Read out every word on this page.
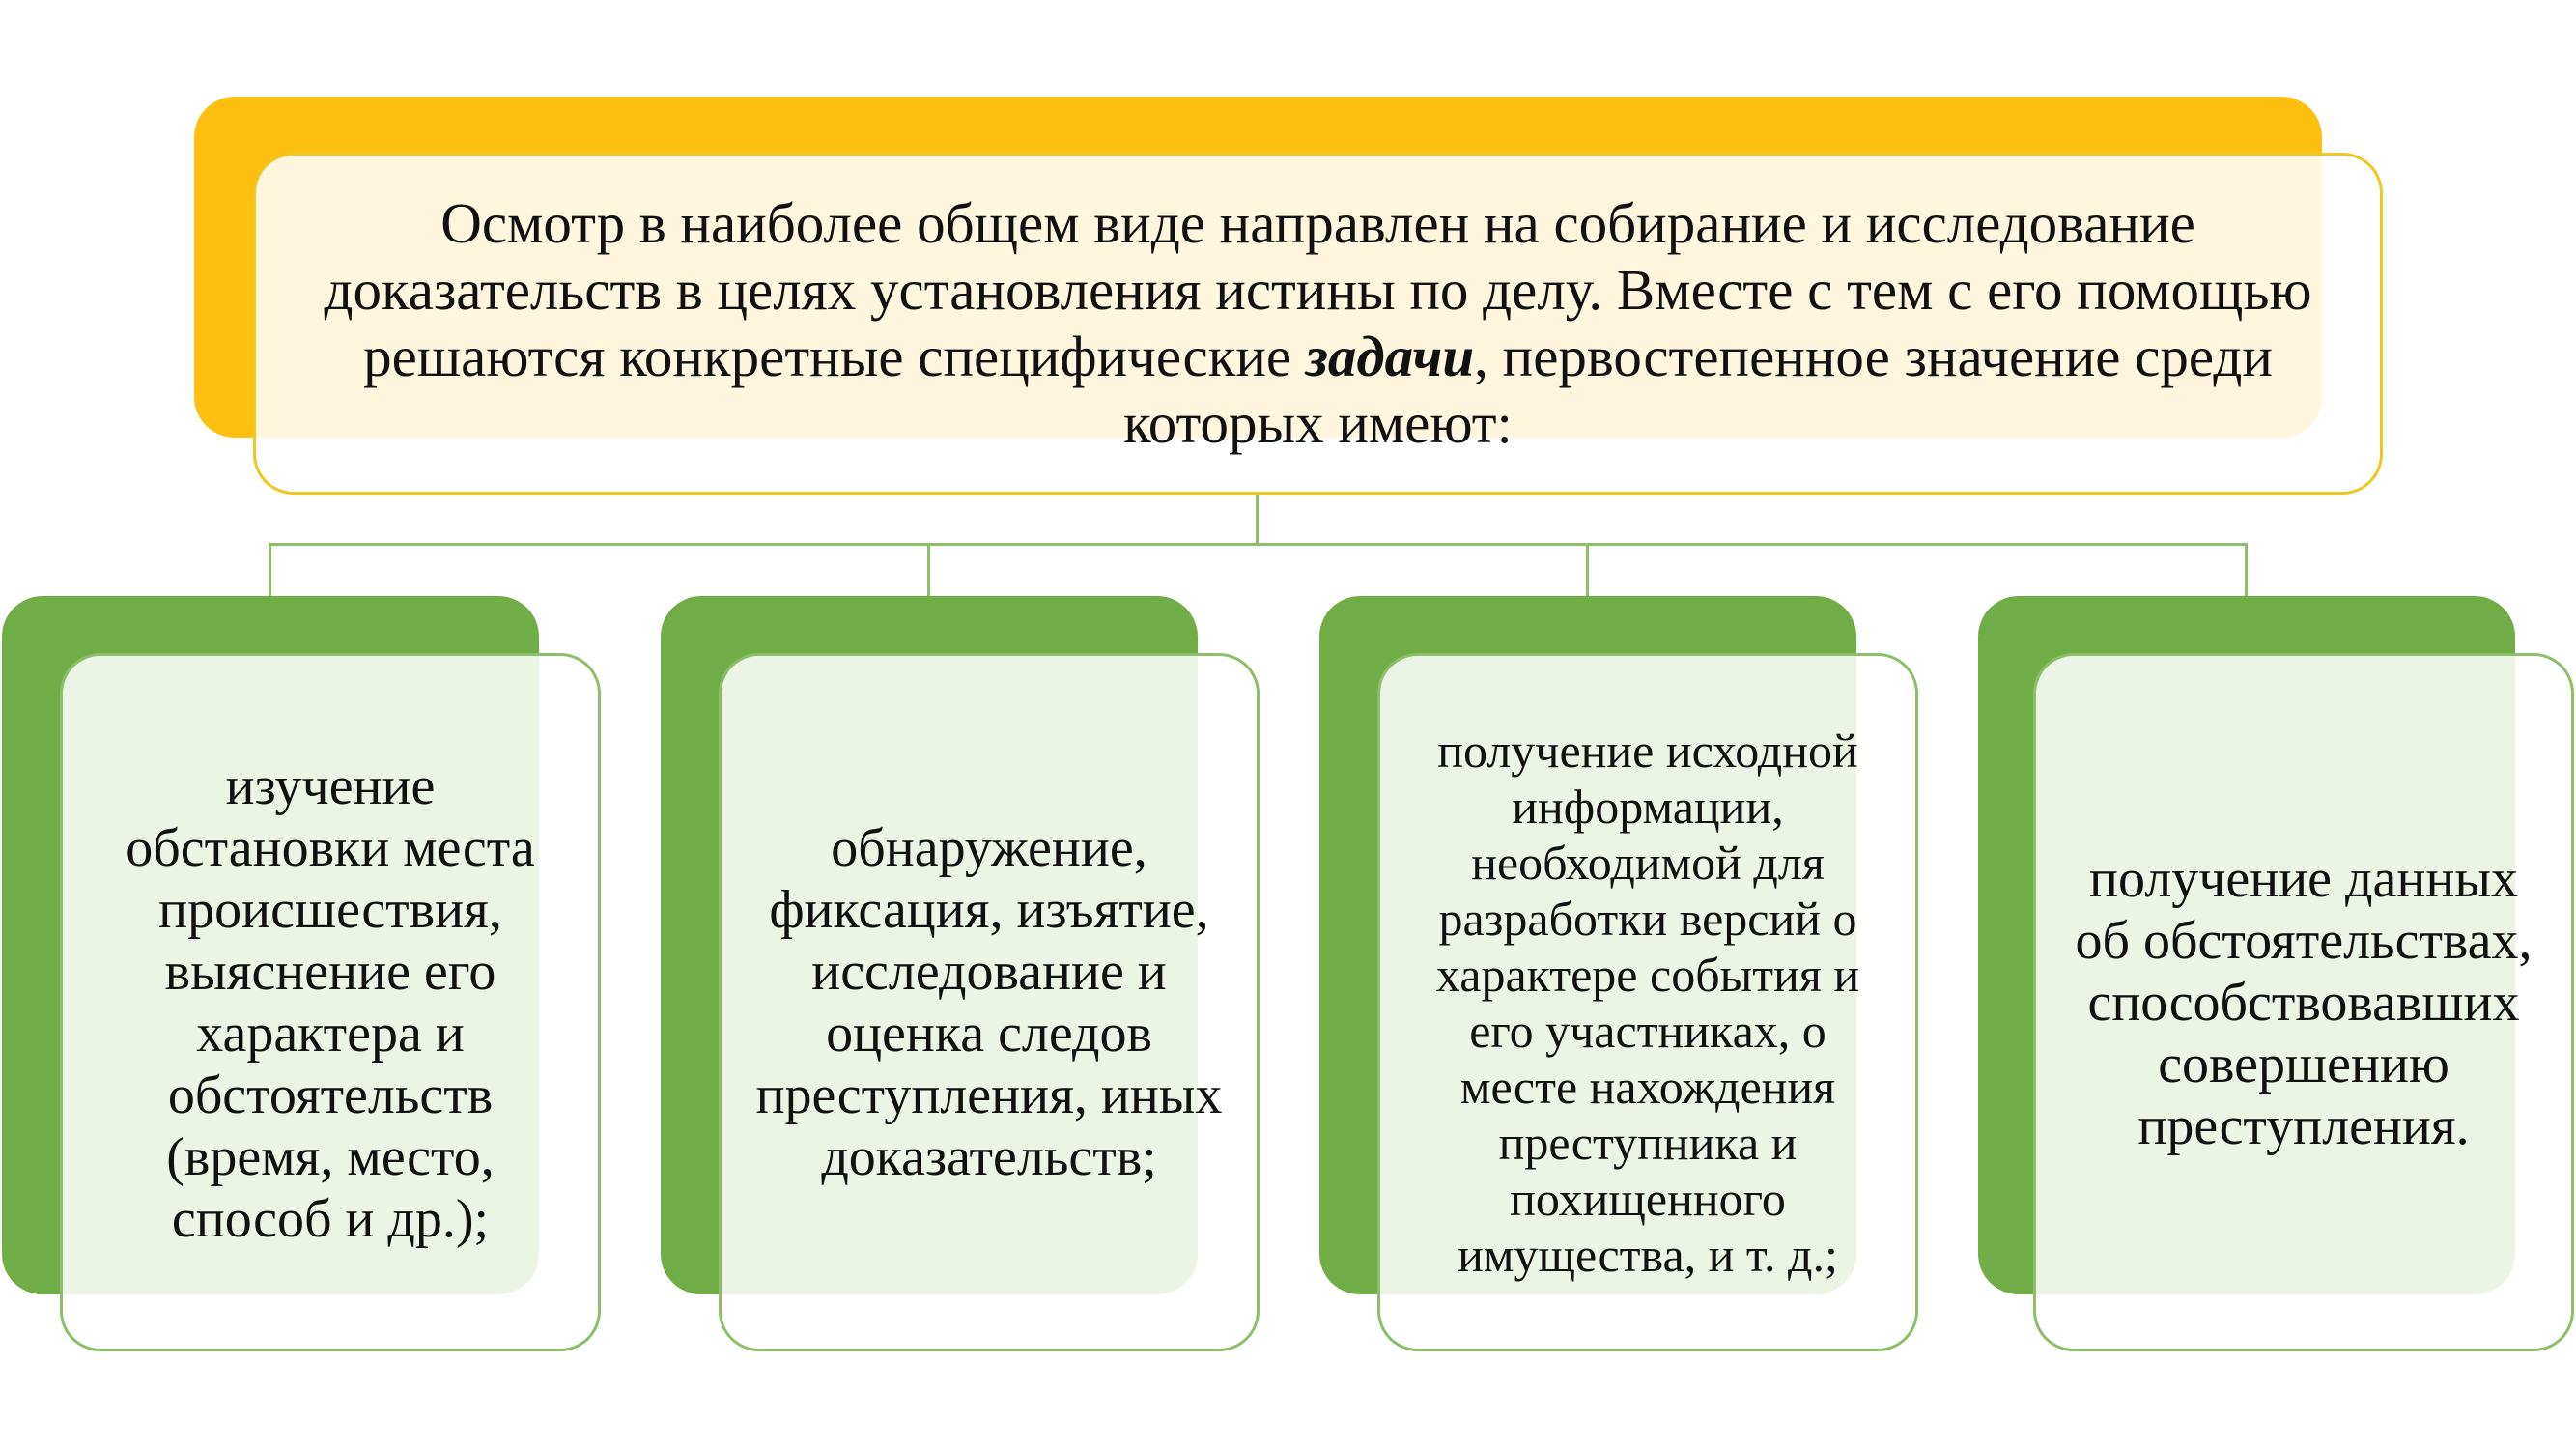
Осмотр в наиболее общем виде направлен на собирание и исследование доказательств в целях установления истины по делу. Вместе с тем с его помощью решаются конкретные специфические задачи, первостепенное значение среди которых имеют:
изучение обстановки места происшествия, выяснение его характера и обстоятельств (время, место, способ и др.);
обнаружение, фиксация, изъятие, исследование и оценка следов преступления, иных доказательств;
получение исходной информации, необходимой для разработки версий о характере события и его участниках, о месте нахождения преступника и похищенного имущества, и т. д.;
получение данных об обстоятельствах, способствовавших совершению преступления.
